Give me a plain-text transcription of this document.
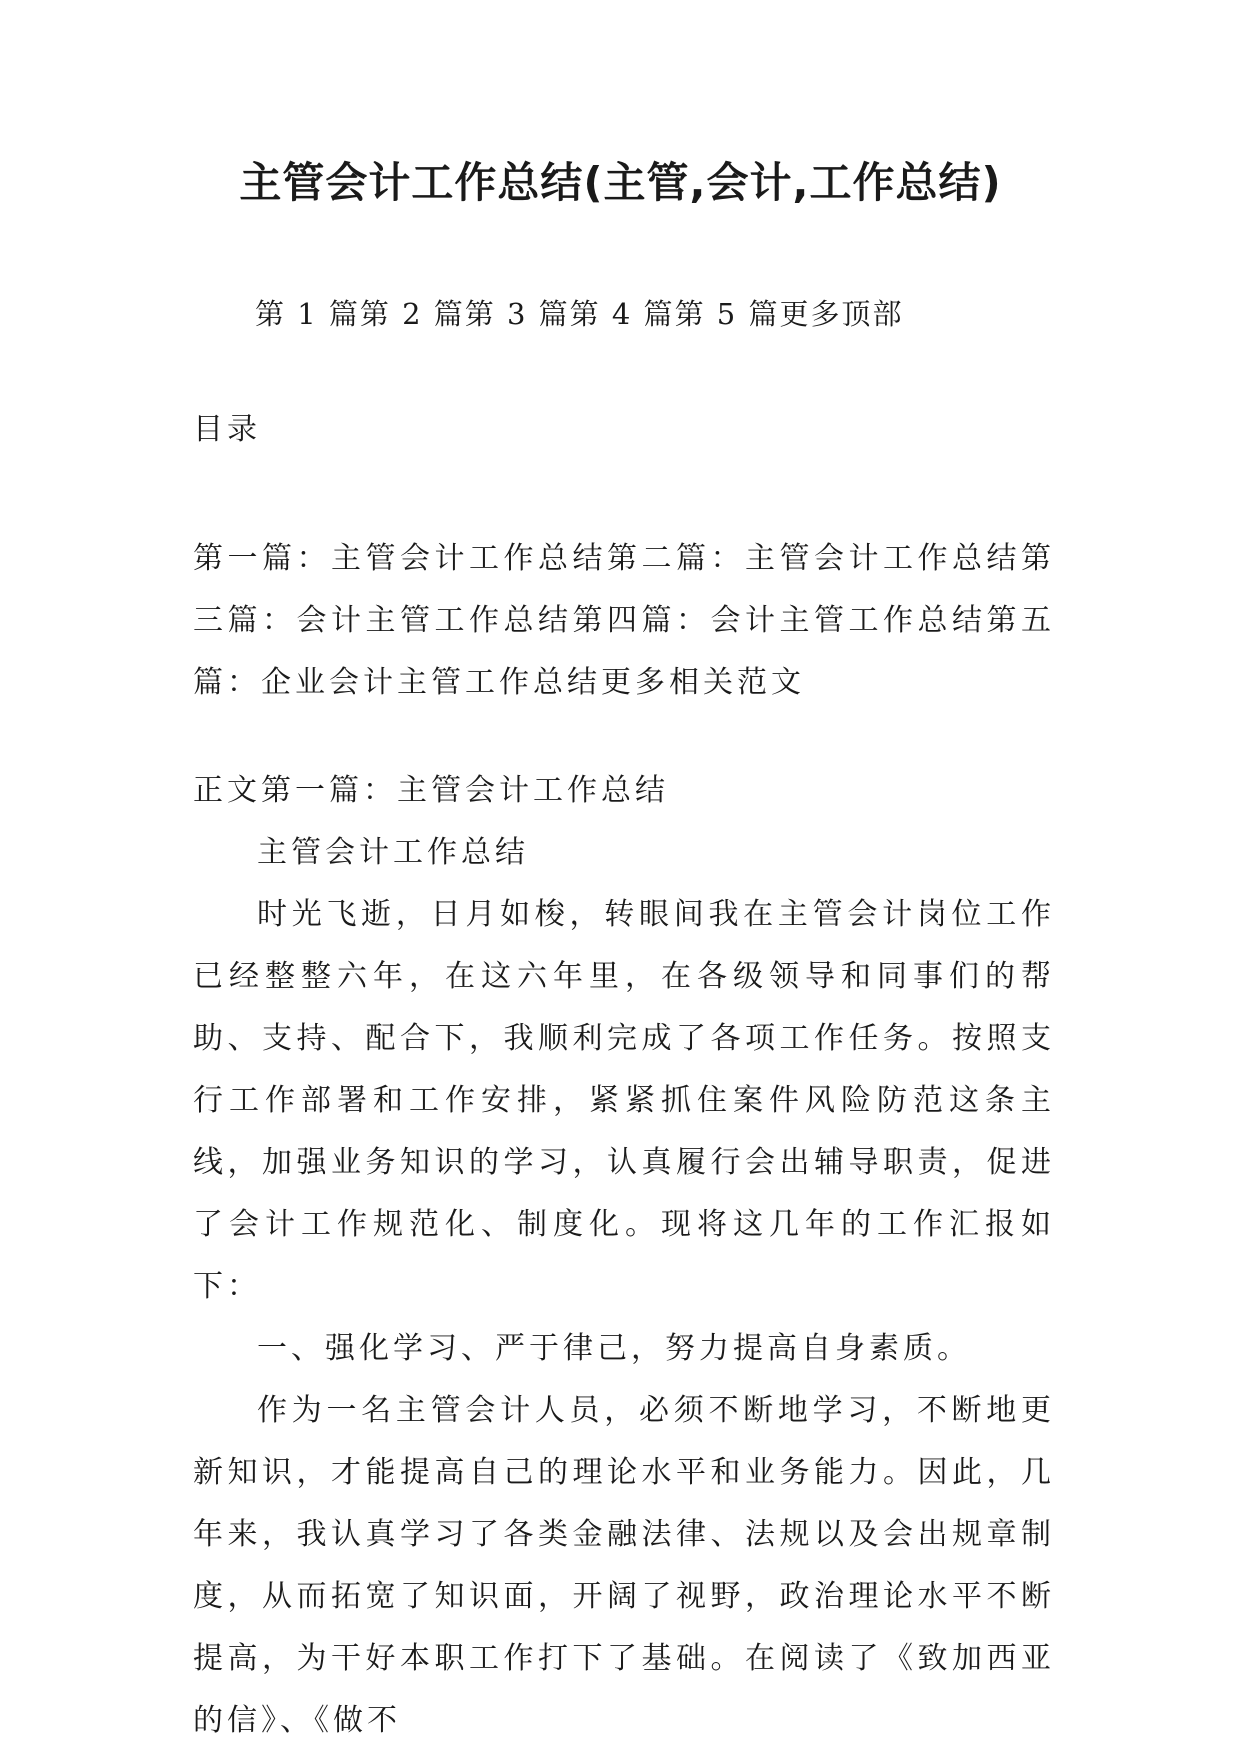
主管会计工作总结(主管,会计,工作总结)
第 1 篇第 2 篇第 3 篇第 4 篇第 5 篇更多顶部
目录
第一篇：主管会计工作总结第二篇：主管会计工作总结第三篇：会计主管工作总结第四篇：会计主管工作总结第五篇：企业会计主管工作总结更多相关范文

正文第一篇：主管会计工作总结

主管会计工作总结

时光飞逝，日月如梭，转眼间我在主管会计岗位工作已经整整六年，在这六年里，在各级领导和同事们的帮助、支持、配合下，我顺利完成了各项工作任务。按照支行工作部署和工作安排，紧紧抓住案件风险防范这条主线，加强业务知识的学习，认真履行会出辅导职责，促进了会计工作规范化、制度化。现将这几年的工作汇报如下：

一、强化学习、严于律己，努力提高自身素质。

作为一名主管会计人员，必须不断地学习，不断地更新知识，才能提高自己的理论水平和业务能力。因此，几年来，我认真学习了各类金融法律、法规以及会出规章制度，从而拓宽了知识面，开阔了视野，政治理论水平不断提高，为干好本职工作打下了基础。在阅读了《致加西亚的信》、《做不
